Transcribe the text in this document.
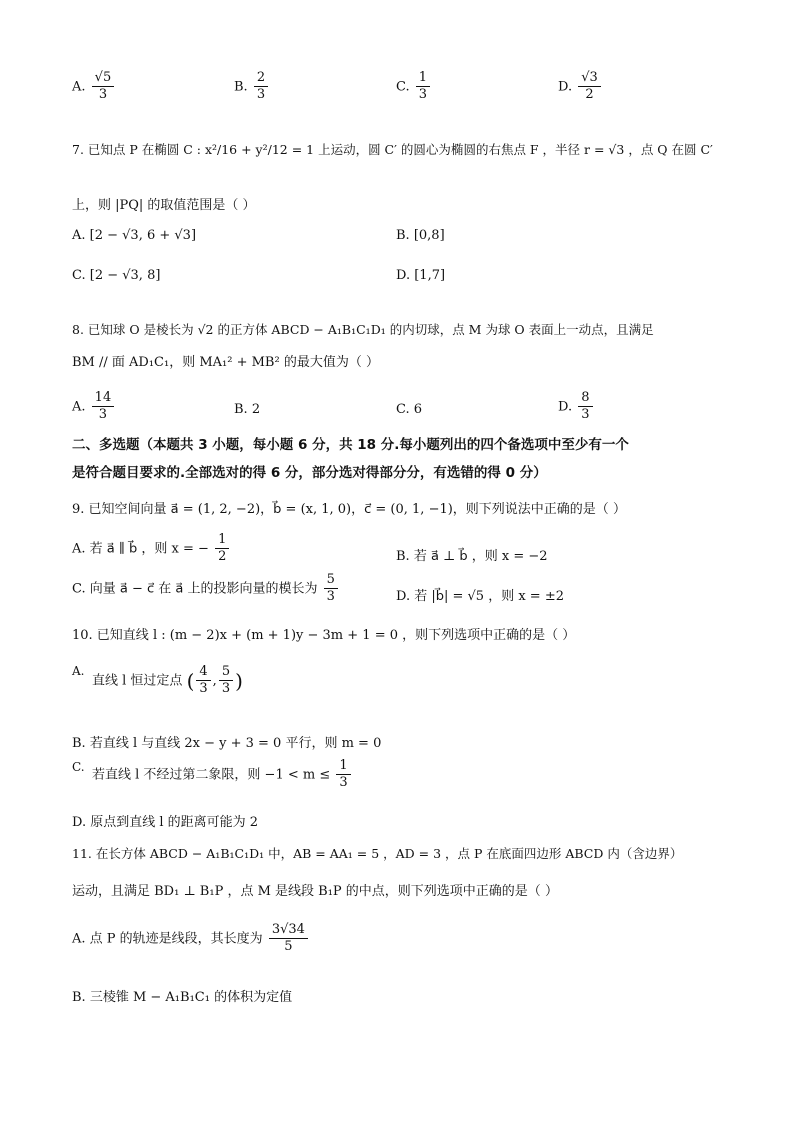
A. $\frac{√5}{3}$	B. $\frac{2}{3}$	C. $\frac{1}{3}$	D. $\frac{√3}{2}$
7. 已知点 P 在椭圆 C : x²/16 + y²/12 = 1 上运动，圆 C′ 的圆心为椭圆的右焦点 F ，半径 r = √3 ，点 Q 在圆 C′
上，则 |PQ| 的取值范围是（ ）
A. [2 − √3, 6 + √3]	B. [0,8]
C. [2 − √3, 8]	D. [1,7]
8. 已知球 O 是棱长为 √2 的正方体 ABCD − A₁B₁C₁D₁ 的内切球，点 M 为球 O 表面上一动点，且满足
BM // 面 AD₁C₁，则 MA₁² + MB² 的最大值为（ ）
A. $\frac{14}{3}$	B. 2	C. 6	D. $\frac{8}{3}$
二、多选题（本题共 3 小题，每小题 6 分，共 18 分.每小题列出的四个备选项中至少有一个
是符合题目要求的.全部选对的得 6 分，部分选对得部分分，有选错的得 0 分）
9. 已知空间向量 a⃗ = (1, 2, −2)，b⃗ = (x, 1, 0)，c⃗ = (0, 1, −1)，则下列说法中正确的是（ ）
A. 若 a⃗ ∥ b⃗ ，则 x = − $\frac{1}{2}$	B. 若 a⃗ ⊥ b⃗ ，则 x = −2
C. 向量 a⃗ − c⃗ 在 a⃗ 上的投影向量的模长为 $\frac{5}{3}$	D. 若 |b⃗| = √5 ，则 x = ±2
10. 已知直线 l : (m − 2)x + (m + 1)y − 3m + 1 = 0 ，则下列选项中正确的是（ ）
A.
直线 l 恒过定点 ( $\frac{4}{3}$ , $\frac{5}{3}$ )
B. 若直线 l 与直线 2x − y + 3 = 0 平行，则 m = 0
C.
若直线 l 不经过第二象限，则 $-1 < m \le \frac{1}{3}$
D. 原点到直线 l 的距离可能为 2
11. 在长方体 ABCD − A₁B₁C₁D₁ 中，AB = AA₁ = 5 ，AD = 3 ，点 P 在底面四边形 ABCD 内（含边界）
运动，且满足 BD₁ ⊥ B₁P ，点 M 是线段 B₁P 的中点，则下列选项中正确的是（ ）
A. 点 P 的轨迹是线段，其长度为 $\frac{3√34}{5}$
B. 三棱锥 M − A₁B₁C₁ 的体积为定值
